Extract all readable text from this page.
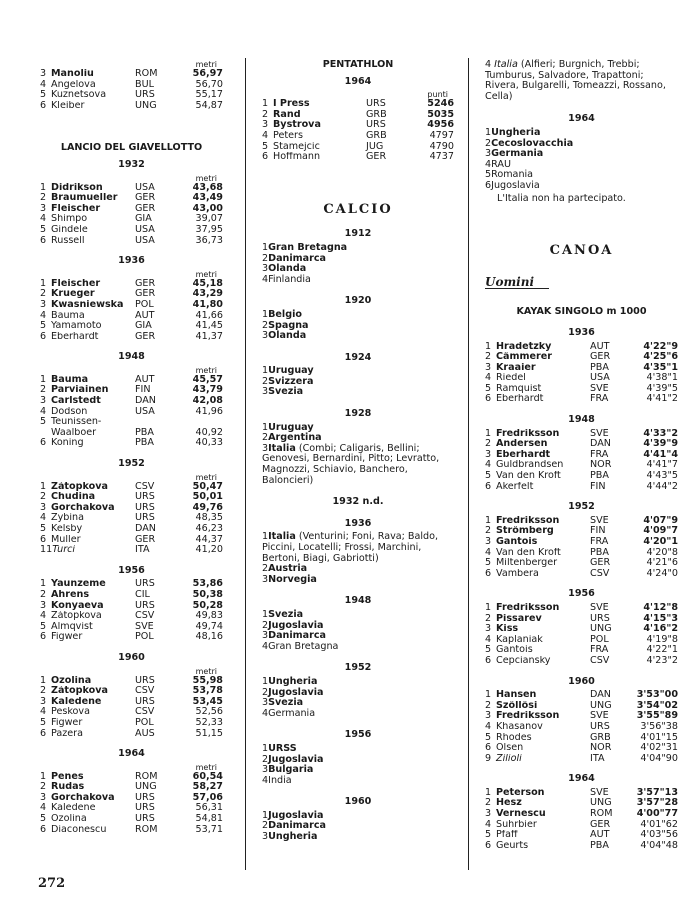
metri
3 Manoliu	ROM	56,97
4 Angelova	BUL	56,70
5 Kuznetsova	URS	55,17
6 Kleiber	UNG	54,87
LANCIO DEL GIAVELLOTTO
1932
metri
1 Didrikson	USA	43,68
2 Braumueller	GER	43,49
3 Fleischer	GER	43,00
4 Shimpo	GIA	39,07
5 Gindele	USA	37,95
6 Russell	USA	36,73
1936
metri
1 Fleischer	GER	45,18
2 Krueger	GER	43,29
3 Kwasniewska	POL	41,80
4 Bauma	AUT	41,66
5 Yamamoto	GIA	41,45
6 Eberhardt	GER	41,37
1948
metri
1 Bauma	AUT	45,57
2 Parviainen	FIN	43,79
3 Carlstedt	DAN	42,08
4 Dodson	USA	41,96
5 Teunissen-
Waalboer	PBA	40,92
6 Koning	PBA	40,33
1952
metri
1 Zátopkova	CSV	50,47
2 Chudina	URS	50,01
3 Gorchakova	URS	49,76
4 Zybina	URS	48,35
5 Kelsby	DAN	46,23
6 Muller	GER	44,37
11Turci	ITA	41,20
1956
1 Yaunzeme	URS	53,86
2 Ahrens	CIL	50,38
3 Konyaeva	URS	50,28
4 Zátopkova	CSV	49,83
5 Almqvist	SVE	49,74
6 Figwer	POL	48,16
1960
metri
1 Ozolina	URS	55,98
2 Zátopkova	CSV	53,78
3 Kaledene	URS	53,45
4 Peskova	CSV	52,56
5 Figwer	POL	52,33
6 Pazera	AUS	51,15
1964
metri
1 Penes	ROM	60,54
2 Rudas	UNG	58,27
3 Gorchakova	URS	57,06
4 Kaledene	URS	56,31
5 Ozolina	URS	54,81
6 Diaconescu	ROM	53,71
PENTATHLON
1964
punti
1 I Press	URS	5246
2 Rand	GRB	5035
3 Bystrova	URS	4956
4 Peters	GRB	4797
5 Stamejcic	JUG	4790
6 Hoffmann	GER	4737
CALCIO
1912
1 Gran Bretagna
2 Danimarca
3 Olanda
4 Finlandia
1920
1 Belgio
2 Spagna
3 Olanda
1924
1 Uruguay
2 Svizzera
3 Svezia
1928
1 Uruguay
2 Argentina
3Italia (Combi; Caligaris, Bellini; Genovesi, Bernardini, Pitto; Levratto, Magnozzi, Schiavio, Banchero, Baloncieri)
1932 n.d.
1936
1Italia (Venturini; Foni, Rava; Baldo, Piccini, Locatelli; Frossi, Marchini, Bertoni, Biagi, Gabriotti)
2 Austria
3 Norvegia
1948
1 Svezia
2 Jugoslavia
3 Danimarca
4 Gran Bretagna
1952
1 Ungheria
2 Jugoslavia
3 Svezia
4 Germania
1956
1 URSS
2 Jugoslavia
3 Bulgaria
4 India
1960
1 Jugoslavia
2 Danimarca
3 Ungheria
4 Italia (Alfieri; Burgnich, Trebbi; Tumburus, Salvadore, Trapattoni; Rivera, Bulgarelli, Tomeazzi, Rossano, Cella)
1964
1 Ungheria
2 Cecoslovacchia
3 Germania
4 RAU
5 Romania
6 Jugoslavia
L'Italia non ha partecipato.
CANOA
Uomini
KAYAK SINGOLO m 1000
1936
1 Hradetzky	AUT	4'22"9
2 Cämmerer	GER	4'25"6
3 Kraaier	PBA	4'35"1
4 Riedel	USA	4'38"1
5 Ramquist	SVE	4'39"5
6 Eberhardt	FRA	4'41"2
1948
1 Fredriksson	SVE	4'33"2
2 Andersen	DAN	4'39"9
3 Eberhardt	FRA	4'41"4
4 Guldbrandsen	NOR	4'41"7
5 Van den Kroft	PBA	4'43"5
6 Akerfelt	FIN	4'44"2
1952
1 Fredriksson	SVE	4'07"9
2 Strömberg	FIN	4'09"7
3 Gantois	FRA	4'20"1
4 Van den Kroft	PBA	4'20"8
5 Miltenberger	GER	4'21"6
6 Vambera	CSV	4'24"0
1956
1 Fredriksson	SVE	4'12"8
2 Pissarev	URS	4'15"3
3 Kiss	UNG	4'16"2
4 Kaplaniak	POL	4'19"8
5 Gantois	FRA	4'22"1
6 Cepciansky	CSV	4'23"2
1960
1 Hansen	DAN	3'53"00
2 Szöllösi	UNG	3'54"02
3 Fredriksson	SVE	3'55"89
4 Khasanov	URS	3'56"38
5 Rhodes	GRB	4'01"15
6 Olsen	NOR	4'02"31
9 Zilioli	ITA	4'04"90
1964
1 Peterson	SVE	3'57"13
2 Hesz	UNG	3'57"28
3 Vernescu	ROM	4'00"77
4 Suhrbier	GER	4'01"62
5 Pfaff	AUT	4'03"56
6 Geurts	PBA	4'04"48
272
